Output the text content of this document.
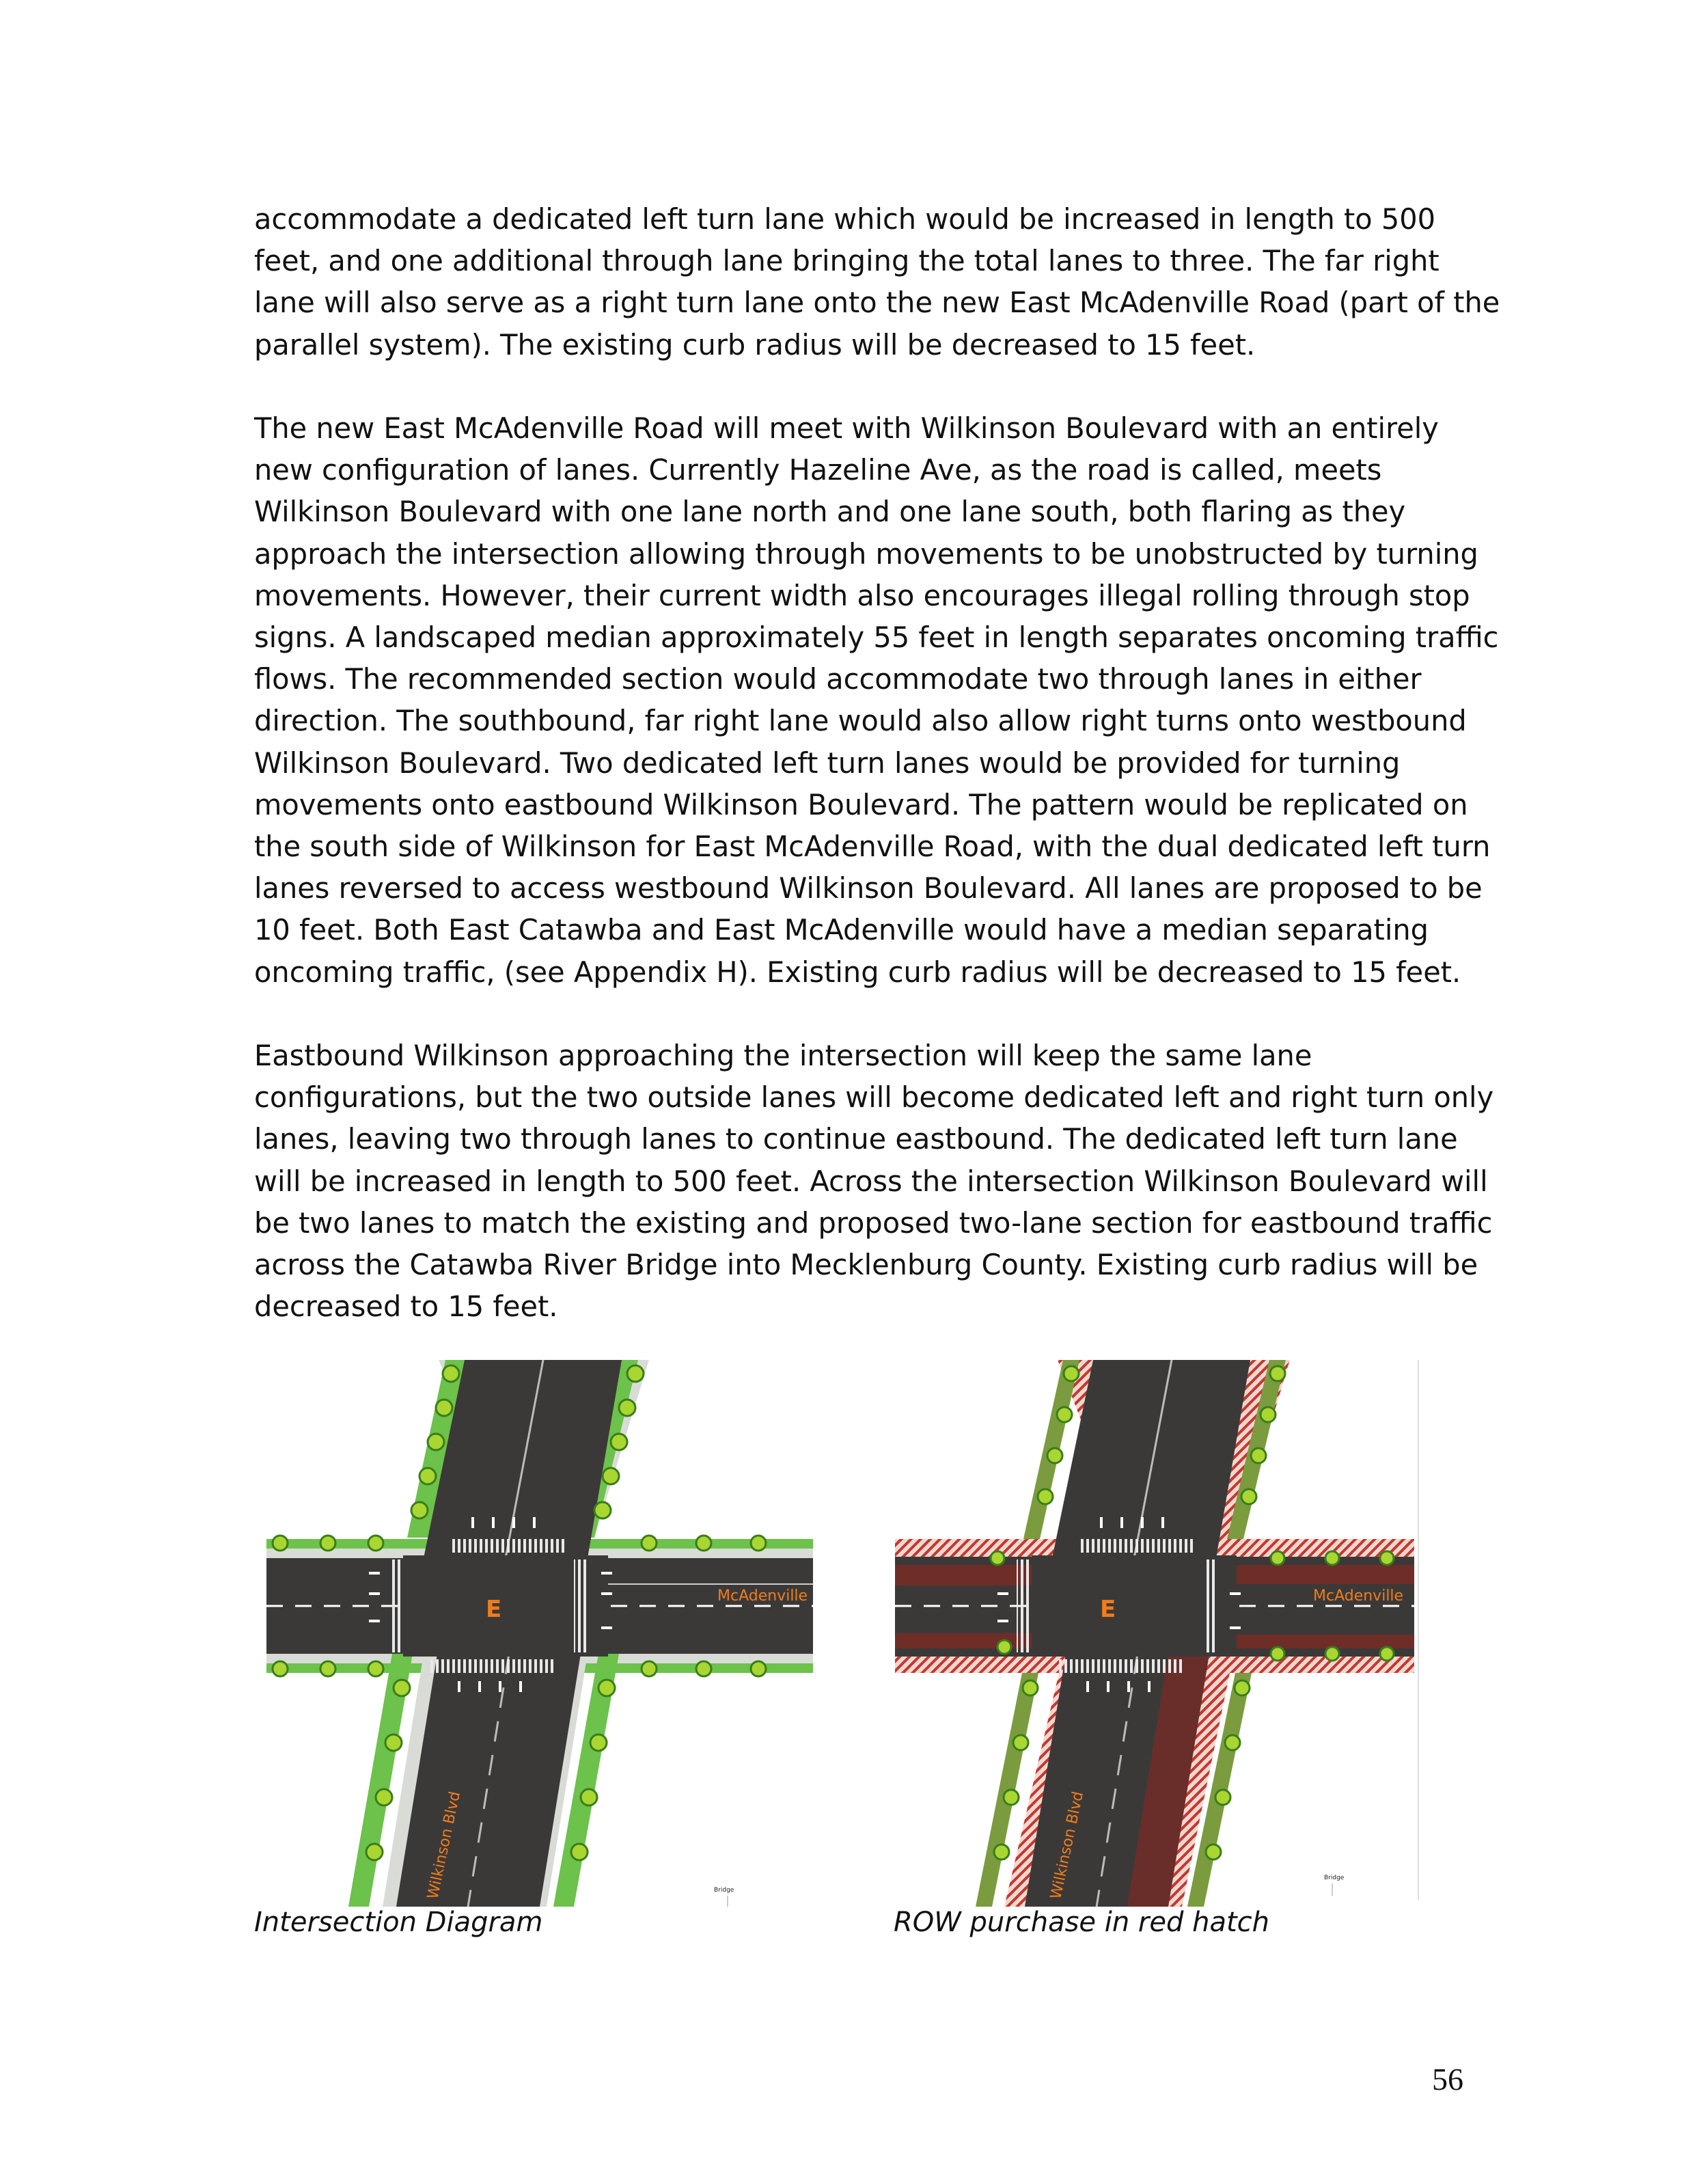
accommodate a dedicated left turn lane which would be increased in length to 500
feet, and one additional through lane bringing the total lanes to three. The far right
lane will also serve as a right turn lane onto the new East McAdenville Road (part of the
parallel system). The existing curb radius will be decreased to 15 feet.
The new East McAdenville Road will meet with Wilkinson Boulevard with an entirely
new configuration of lanes. Currently Hazeline Ave, as the road is called, meets
Wilkinson Boulevard with one lane north and one lane south, both flaring as they
approach the intersection allowing through movements to be unobstructed by turning
movements. However, their current width also encourages illegal rolling through stop
signs. A landscaped median approximately 55 feet in length separates oncoming traffic
flows. The recommended section would accommodate two through lanes in either
direction. The southbound, far right lane would also allow right turns onto westbound
Wilkinson Boulevard. Two dedicated left turn lanes would be provided for turning
movements onto eastbound Wilkinson Boulevard. The pattern would be replicated on
the south side of Wilkinson for East McAdenville Road, with the dual dedicated left turn
lanes reversed to access westbound Wilkinson Boulevard. All lanes are proposed to be
10 feet. Both East Catawba and East McAdenville would have a median separating
oncoming traffic, (see Appendix H). Existing curb radius will be decreased to 15 feet.
Eastbound Wilkinson approaching the intersection will keep the same lane
configurations, but the two outside lanes will become dedicated left and right turn only
lanes, leaving two through lanes to continue eastbound. The dedicated left turn lane
will be increased in length to 500 feet. Across the intersection Wilkinson Boulevard will
be two lanes to match the existing and proposed two-lane section for eastbound traffic
across the Catawba River Bridge into Mecklenburg County. Existing curb radius will be
decreased to 15 feet.
E	McAdenville
Wilkinson Blvd	Bridge
Intersection Diagram
E	McAdenville
Wilkinson Blvd	Bridge
ROW purchase in red hatch
56
